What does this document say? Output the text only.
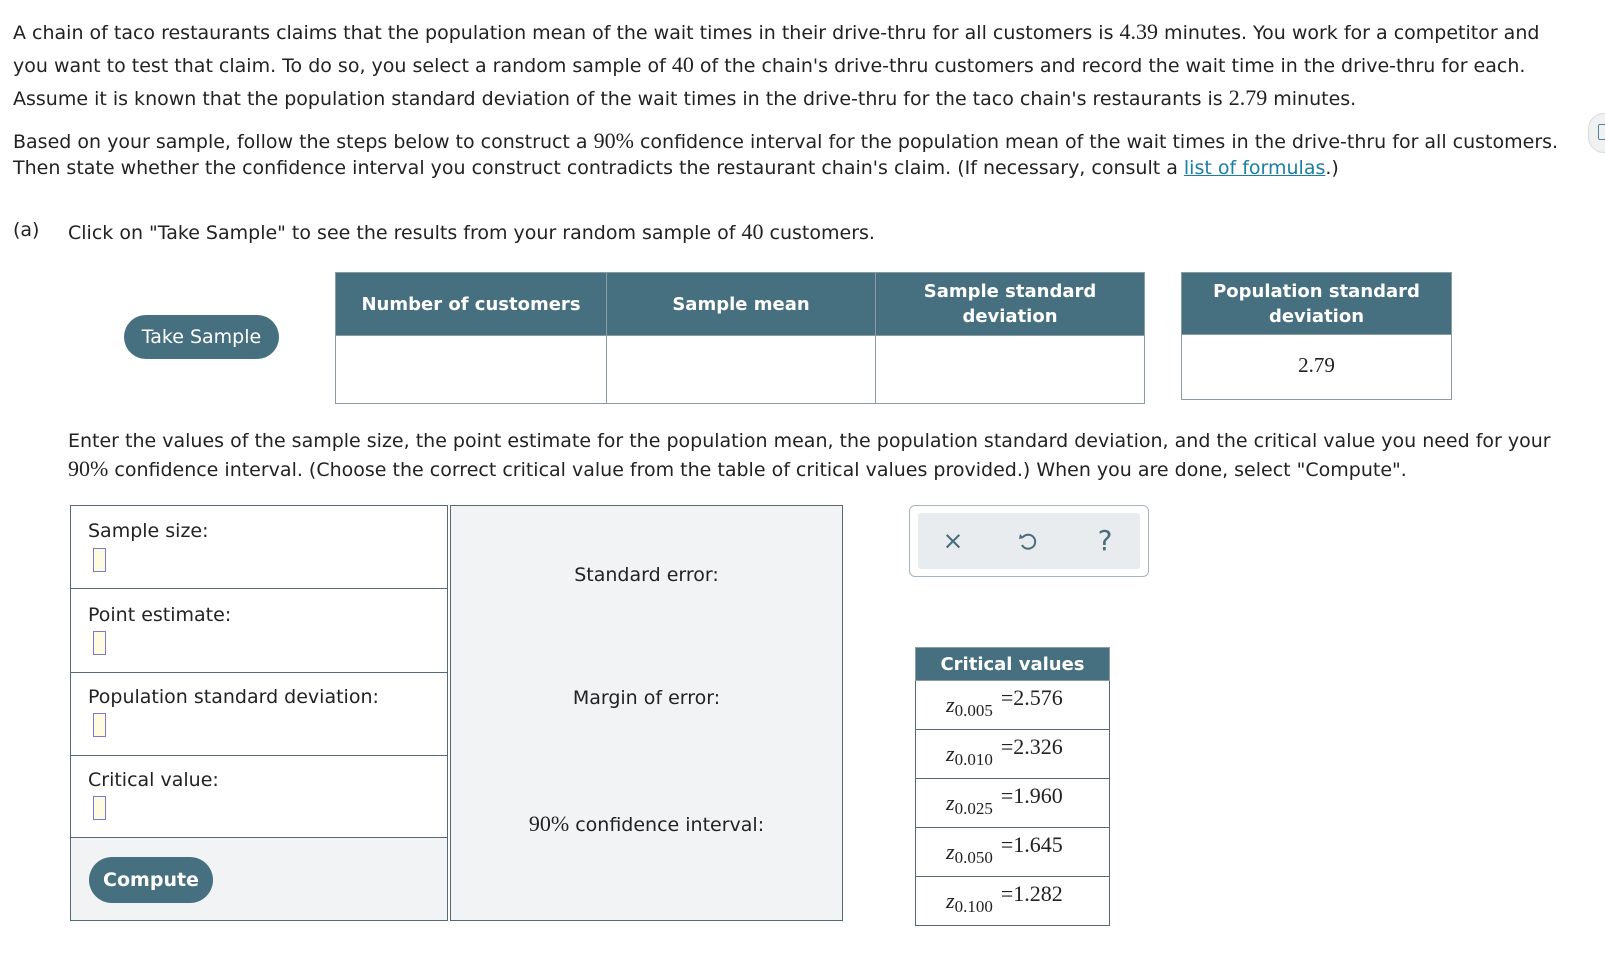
A chain of taco restaurants claims that the population mean of the wait times in their drive-thru for all customers is 4.39 minutes. You work for a competitor and you want to test that claim. To do so, you select a random sample of 40 of the chain's drive-thru customers and record the wait time in the drive-thru for each. Assume it is known that the population standard deviation of the wait times in the drive-thru for the taco chain's restaurants is 2.79 minutes.

Based on your sample, follow the steps below to construct a 90% confidence interval for the population mean of the wait times in the drive-thru for all customers. Then state whether the confidence interval you construct contradicts the restaurant chain's claim. (If necessary, consult a list of formulas.)

(a) Click on "Take Sample" to see the results from your random sample of 40 customers.
Take Sample
Number of customers	Sample mean	Sample standard deviation

Population standard deviation
2.79

Enter the values of the sample size, the point estimate for the population mean, the population standard deviation, and the critical value you need for your 90% confidence interval. (Choose the correct critical value from the table of critical values provided.) When you are done, select "Compute".

Sample size:
Point estimate:
Population standard deviation:
Critical value:
Compute
Standard error:
Margin of error:
90% confidence interval:
×	?
Critical values
$z_{0.005}=2.576$
$z_{0.010}=2.326$
$z_{0.025}=1.960$
$z_{0.050}=1.645$
$z_{0.100}=1.282$
